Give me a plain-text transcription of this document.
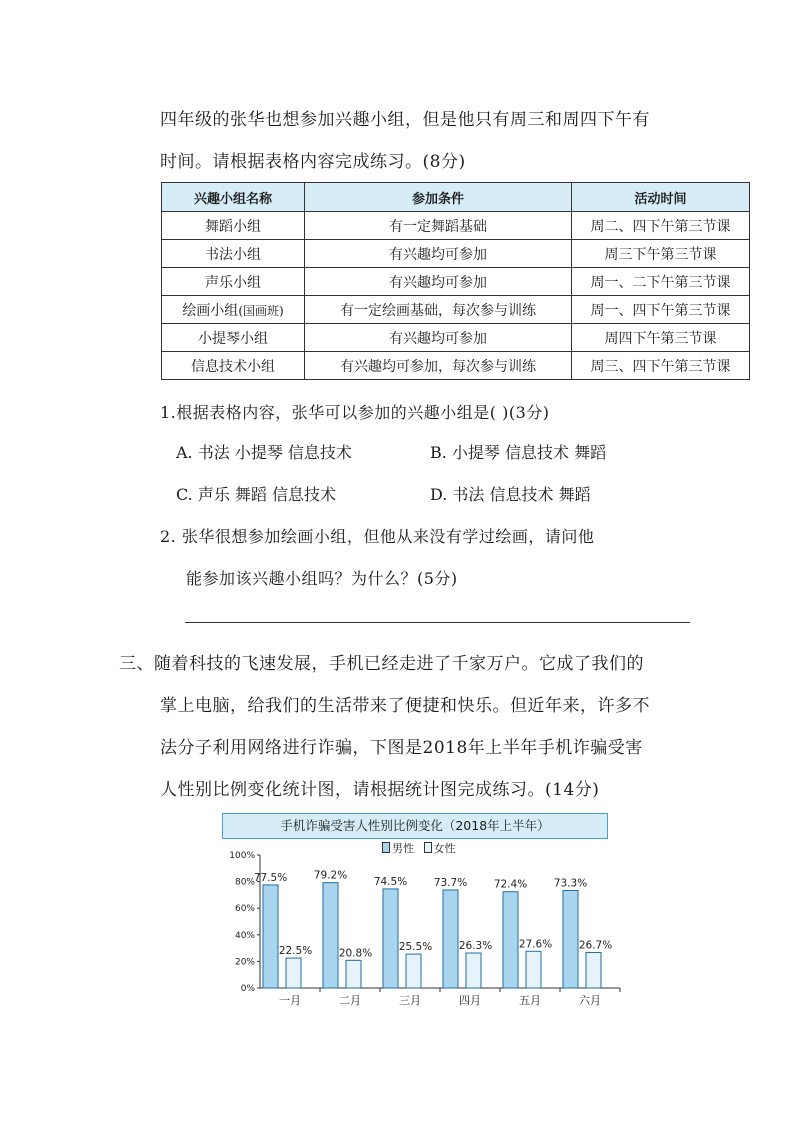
四年级的张华也想参加兴趣小组，但是他只有周三和周四下午有
时间。请根据表格内容完成练习。(8分)
兴趣小组名称	参加条件	活动时间
舞蹈小组	有一定舞蹈基础	周二、四下午第三节课
书法小组	有兴趣均可参加	周三下午第三节课
声乐小组	有兴趣均可参加	周一、二下午第三节课
绘画小组(国画班)	有一定绘画基础，每次参与训练	周一、四下午第三节课
小提琴小组	有兴趣均可参加	周四下午第三节课
信息技术小组	有兴趣均可参加，每次参与训练	周三、四下午第三节课
1.根据表格内容，张华可以参加的兴趣小组是( )(3分)
A. 书法 小提琴 信息技术	B. 小提琴 信息技术 舞蹈
C. 声乐 舞蹈 信息技术	D. 书法 信息技术 舞蹈
2. 张华很想参加绘画小组，但他从来没有学过绘画，请问他
能参加该兴趣小组吗？为什么？(5分)
三、随着科技的飞速发展，手机已经走进了千家万户。它成了我们的
掌上电脑，给我们的生活带来了便捷和快乐。但近年来，许多不
法分子利用网络进行诈骗，下图是2018年上半年手机诈骗受害
人性别比例变化统计图，请根据统计图完成练习。(14分)
手机诈骗受害人性别比例变化（2018年上半年）
男性 女性
0%
20%
40%
60%
80%
100%
一月
77.5%
22.5%
二月
79.2%
20.8%
三月
74.5%
25.5%
四月
73.7%
26.3%
五月
72.4%
27.6%
六月
73.3%
26.7%
